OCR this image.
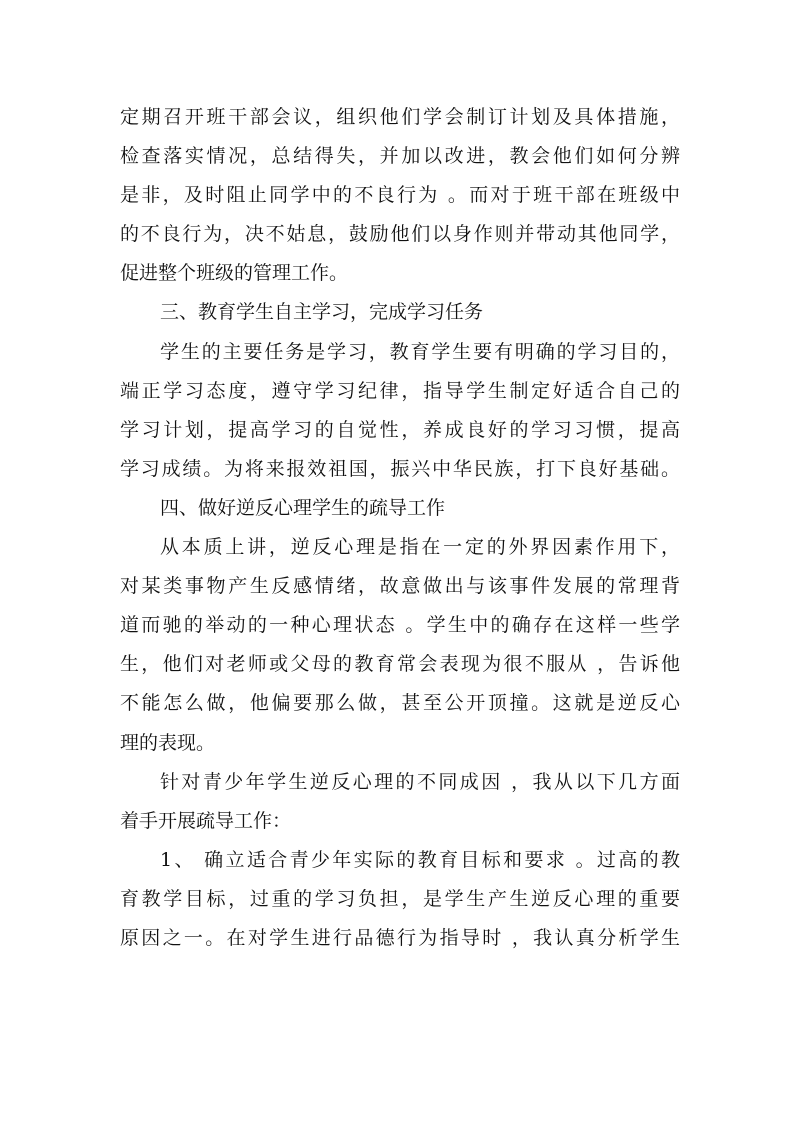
定期召开班干部会议，组织他们学会制订计划及具体措施，
检查落实情况，总结得失，并加以改进，教会他们如何分辨
是非，及时阻止同学中的不良行为 。而对于班干部在班级中
的不良行为，决不姑息，鼓励他们以身作则并带动其他同学，
促进整个班级的管理工作。
三、教育学生自主学习，完成学习任务
学生的主要任务是学习，教育学生要有明确的学习目的，
端正学习态度，遵守学习纪律，指导学生制定好适合自己的
学习计划，提高学习的自觉性，养成良好的学习习惯，提高
学习成绩。为将来报效祖国，振兴中华民族，打下良好基础。
四、做好逆反心理学生的疏导工作
从本质上讲，逆反心理是指在一定的外界因素作用下，
对某类事物产生反感情绪，故意做出与该事件发展的常理背
道而驰的举动的一种心理状态 。学生中的确存在这样一些学
生，他们对老师或父母的教育常会表现为很不服从 ，告诉他
不能怎么做，他偏要那么做，甚至公开顶撞。这就是逆反心
理的表现。
针对青少年学生逆反心理的不同成因 ，我从以下几方面
着手开展疏导工作：
1、 确立适合青少年实际的教育目标和要求 。过高的教
育教学目标，过重的学习负担，是学生产生逆反心理的重要
原因之一。在对学生进行品德行为指导时 ，我认真分析学生
